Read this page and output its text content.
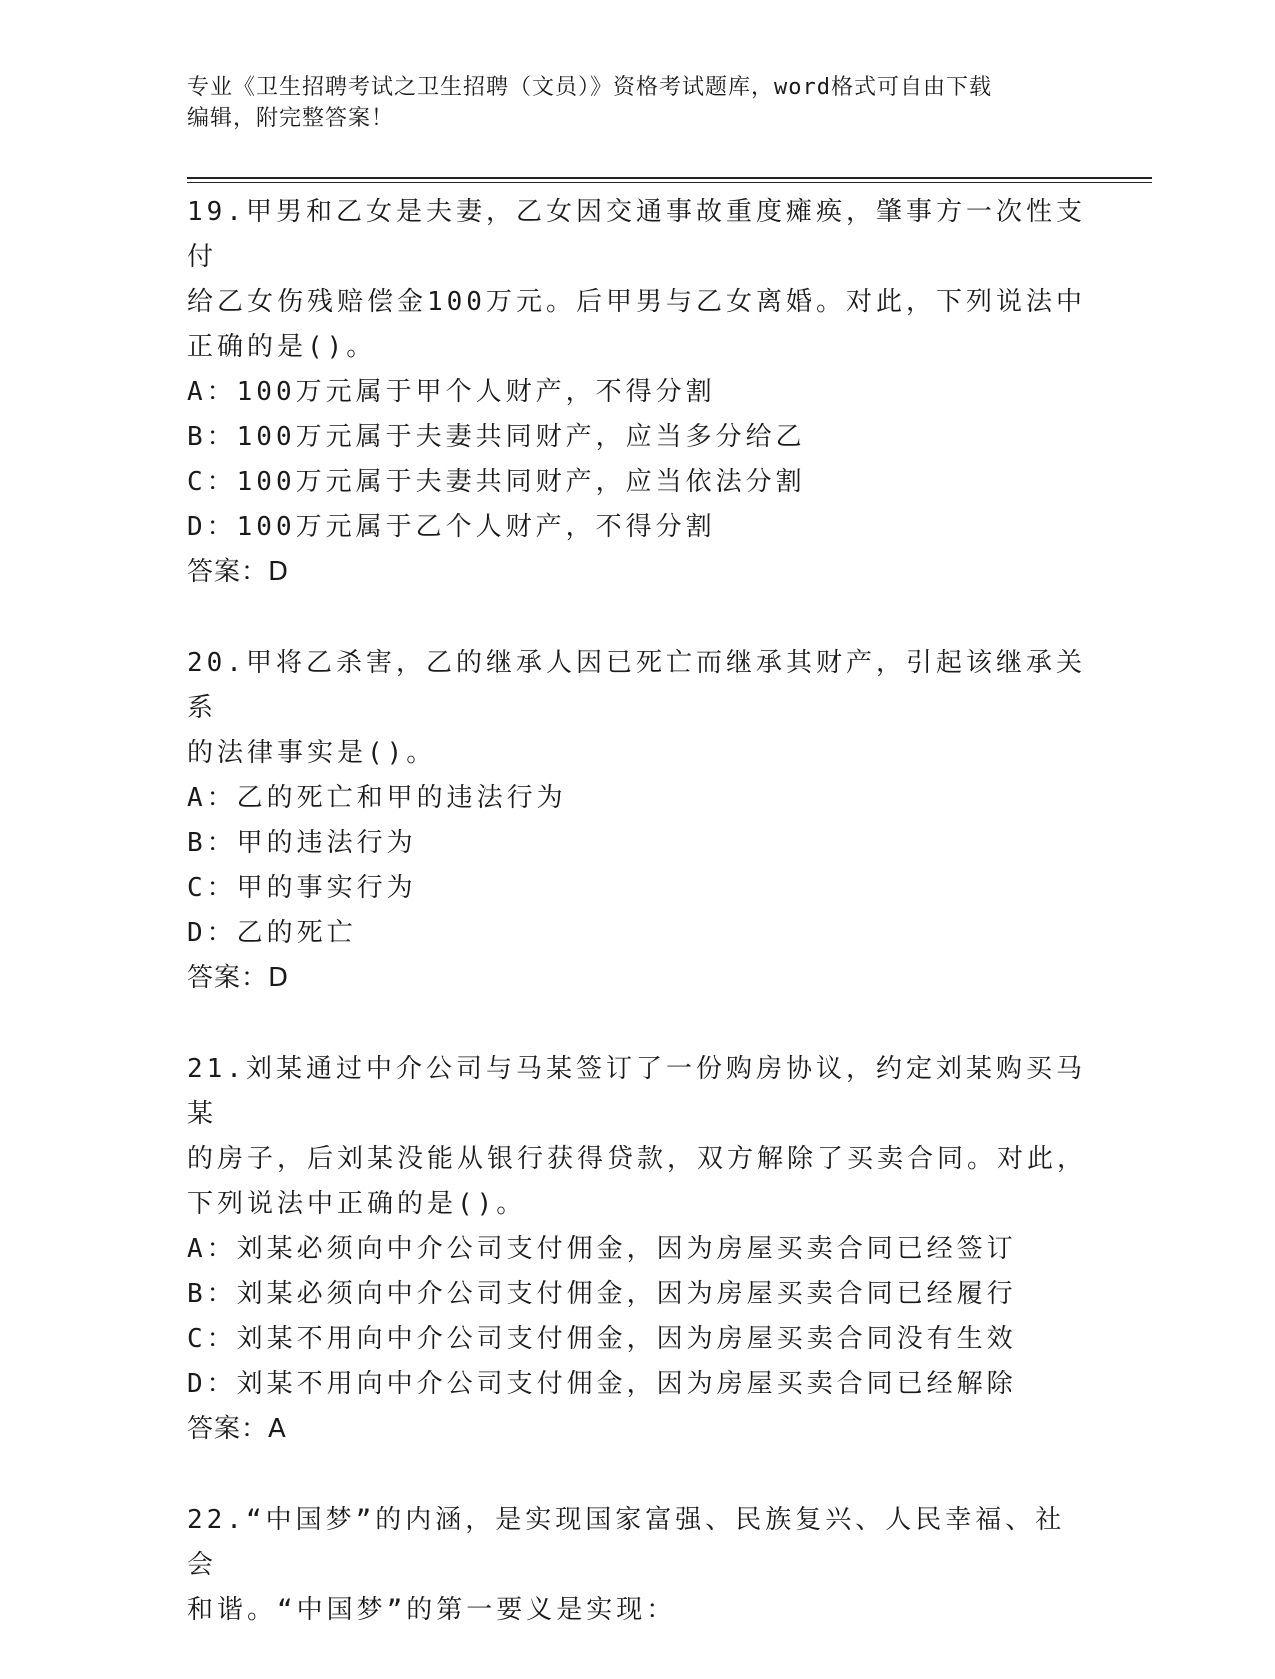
专业《卫生招聘考试之卫生招聘（文员）》资格考试题库，word格式可自由下载
编辑，附完整答案！

19.甲男和乙女是夫妻，乙女因交通事故重度瘫痪，肇事方一次性支付

给乙女伤残赔偿金100万元。后甲男与乙女离婚。对此，下列说法中

正确的是()。

A：100万元属于甲个人财产，不得分割

B：100万元属于夫妻共同财产，应当多分给乙

C：100万元属于夫妻共同财产，应当依法分割

D：100万元属于乙个人财产，不得分割

答案：D

20.甲将乙杀害，乙的继承人因已死亡而继承其财产，引起该继承关系

的法律事实是()。

A：乙的死亡和甲的违法行为

B：甲的违法行为

C：甲的事实行为

D：乙的死亡

答案：D

21.刘某通过中介公司与马某签订了一份购房协议，约定刘某购买马某

的房子，后刘某没能从银行获得贷款，双方解除了买卖合同。对此，

下列说法中正确的是()。

A：刘某必须向中介公司支付佣金，因为房屋买卖合同已经签订

B：刘某必须向中介公司支付佣金，因为房屋买卖合同已经履行

C：刘某不用向中介公司支付佣金，因为房屋买卖合同没有生效

D：刘某不用向中介公司支付佣金，因为房屋买卖合同已经解除

答案：A

22.“中国梦”的内涵，是实现国家富强、民族复兴、人民幸福、社会

和谐。“中国梦”的第一要义是实现：
